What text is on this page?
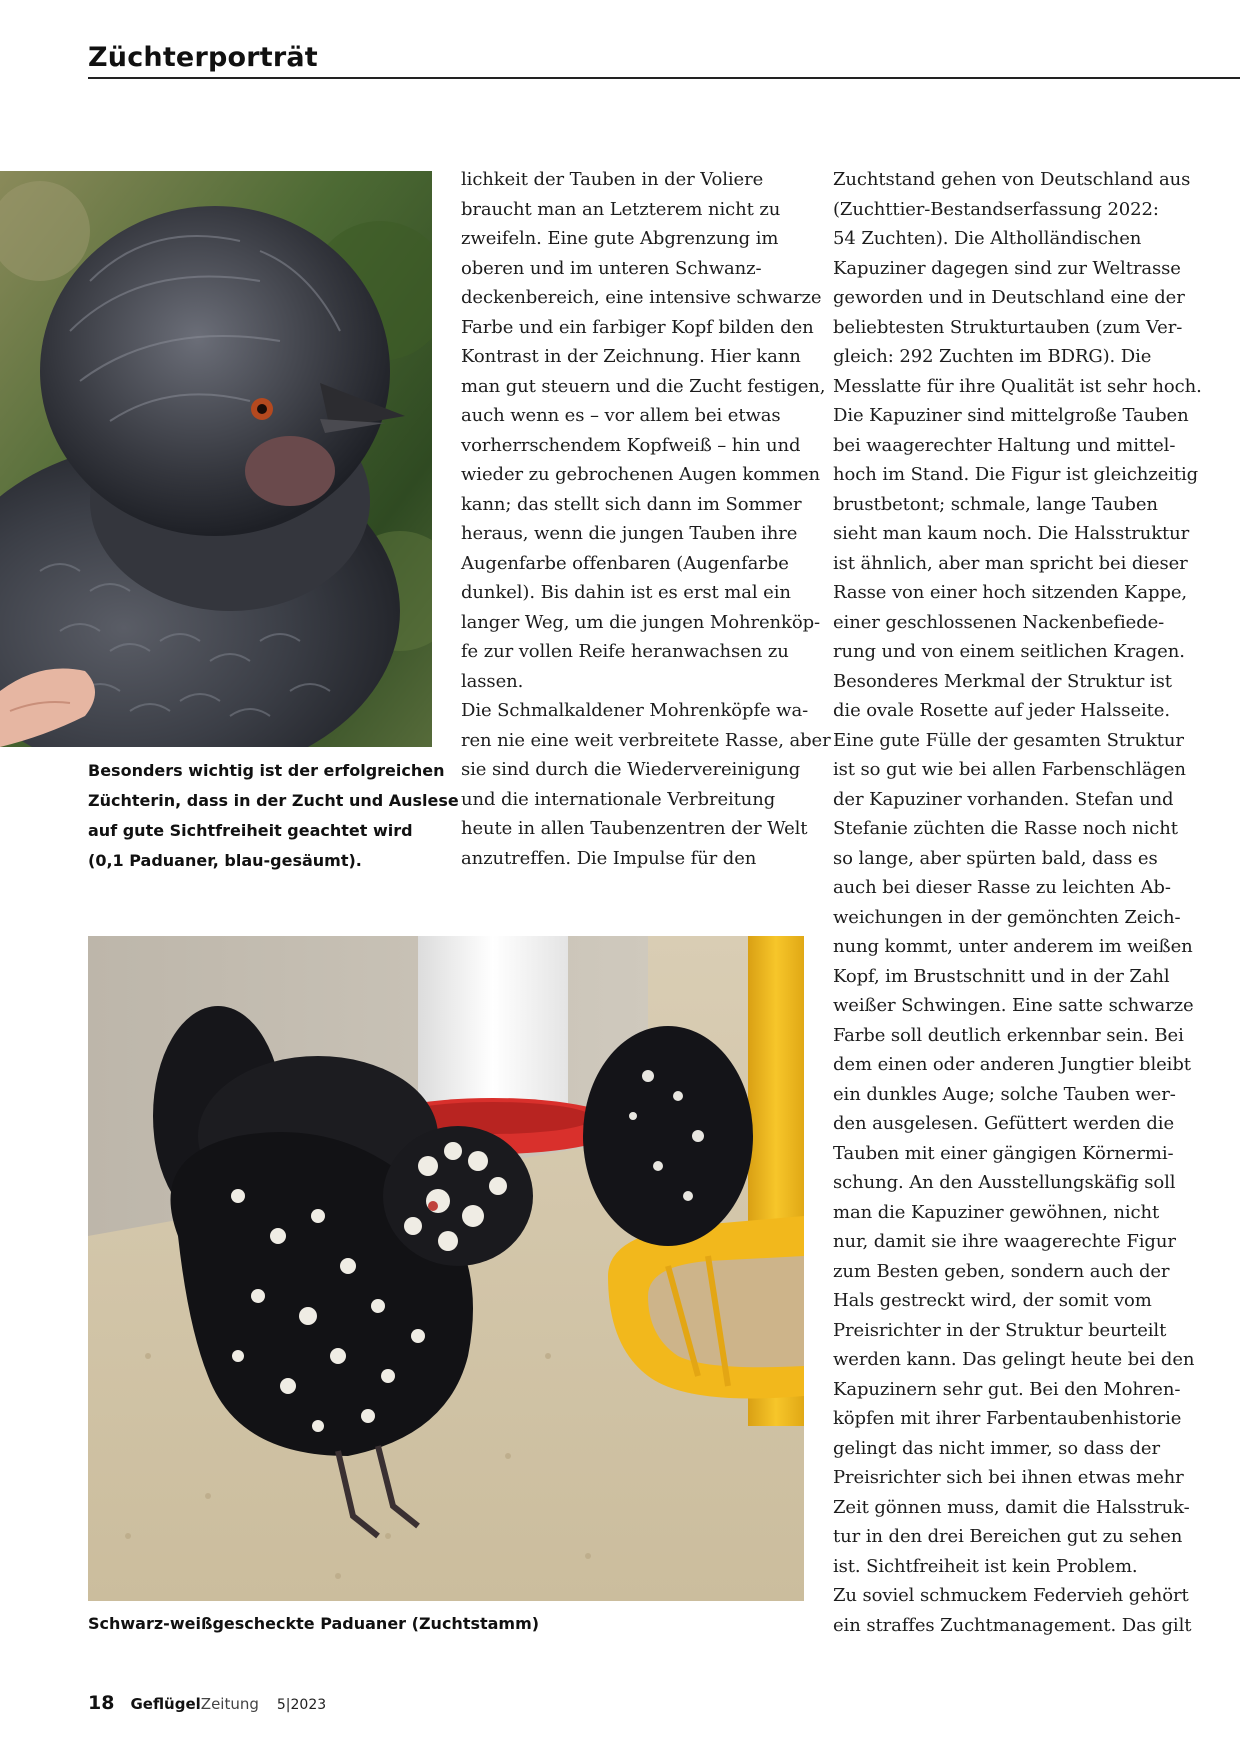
Züchterporträt
Besonders wichtig ist der erfolgreichen
Züchterin, dass in der Zucht und Auslese
auf gute Sichtfreiheit geachtet wird
(0,1 Paduaner, blau-gesäumt).
lichkeit der Tauben in der Voliere
braucht man an Letzterem nicht zu
zweifeln. Eine gute Abgrenzung im
oberen und im unteren Schwanz-
deckenbereich, eine intensive schwarze
Farbe und ein farbiger Kopf bilden den
Kontrast in der Zeichnung. Hier kann
man gut steuern und die Zucht festigen,
auch wenn es – vor allem bei etwas
vorherrschendem Kopfweiß – hin und
wieder zu gebrochenen Augen kommen
kann; das stellt sich dann im Sommer
heraus, wenn die jungen Tauben ihre
Augenfarbe offenbaren (Augenfarbe
dunkel). Bis dahin ist es erst mal ein
langer Weg, um die jungen Mohrenköp-
fe zur vollen Reife heranwachsen zu
lassen.
Die Schmalkaldener Mohrenköpfe wa-
ren nie eine weit verbreitete Rasse, aber
sie sind durch die Wiedervereinigung
und die internationale Verbreitung
heute in allen Taubenzentren der Welt
anzutreffen. Die Impulse für den
Zuchtstand gehen von Deutschland aus
(Zuchttier-Bestandserfassung 2022:
54 Zuchten). Die Altholländischen
Kapuziner dagegen sind zur Weltrasse
geworden und in Deutschland eine der
beliebtesten Strukturtauben (zum Ver-
gleich: 292 Zuchten im BDRG). Die
Messlatte für ihre Qualität ist sehr hoch.
Die Kapuziner sind mittelgroße Tauben
bei waagerechter Haltung und mittel-
hoch im Stand. Die Figur ist gleichzeitig
brustbetont; schmale, lange Tauben
sieht man kaum noch. Die Halsstruktur
ist ähnlich, aber man spricht bei dieser
Rasse von einer hoch sitzenden Kappe,
einer geschlossenen Nackenbefiede-
rung und von einem seitlichen Kragen.
Besonderes Merkmal der Struktur ist
die ovale Rosette auf jeder Halsseite.
Eine gute Fülle der gesamten Struktur
ist so gut wie bei allen Farbenschlägen
der Kapuziner vorhanden. Stefan und
Stefanie züchten die Rasse noch nicht
so lange, aber spürten bald, dass es
auch bei dieser Rasse zu leichten Ab-
weichungen in der gemönchten Zeich-
nung kommt, unter anderem im weißen
Kopf, im Brustschnitt und in der Zahl
weißer Schwingen. Eine satte schwarze
Farbe soll deutlich erkennbar sein. Bei
dem einen oder anderen Jungtier bleibt
ein dunkles Auge; solche Tauben wer-
den ausgelesen. Gefüttert werden die
Tauben mit einer gängigen Körnermi-
schung. An den Ausstellungskäfig soll
man die Kapuziner gewöhnen, nicht
nur, damit sie ihre waagerechte Figur
zum Besten geben, sondern auch der
Hals gestreckt wird, der somit vom
Preisrichter in der Struktur beurteilt
werden kann. Das gelingt heute bei den
Kapuzinern sehr gut. Bei den Mohren-
köpfen mit ihrer Farbentaubenhistorie
gelingt das nicht immer, so dass der
Preisrichter sich bei ihnen etwas mehr
Zeit gönnen muss, damit die Halsstruk-
tur in den drei Bereichen gut zu sehen
ist. Sichtfreiheit ist kein Problem.
Zu soviel schmuckem Federvieh gehört
ein straffes Zuchtmanagement. Das gilt
Schwarz-weißgescheckte Paduaner (Zuchtstamm)
18 Geflügel Zeitung 5|2023
